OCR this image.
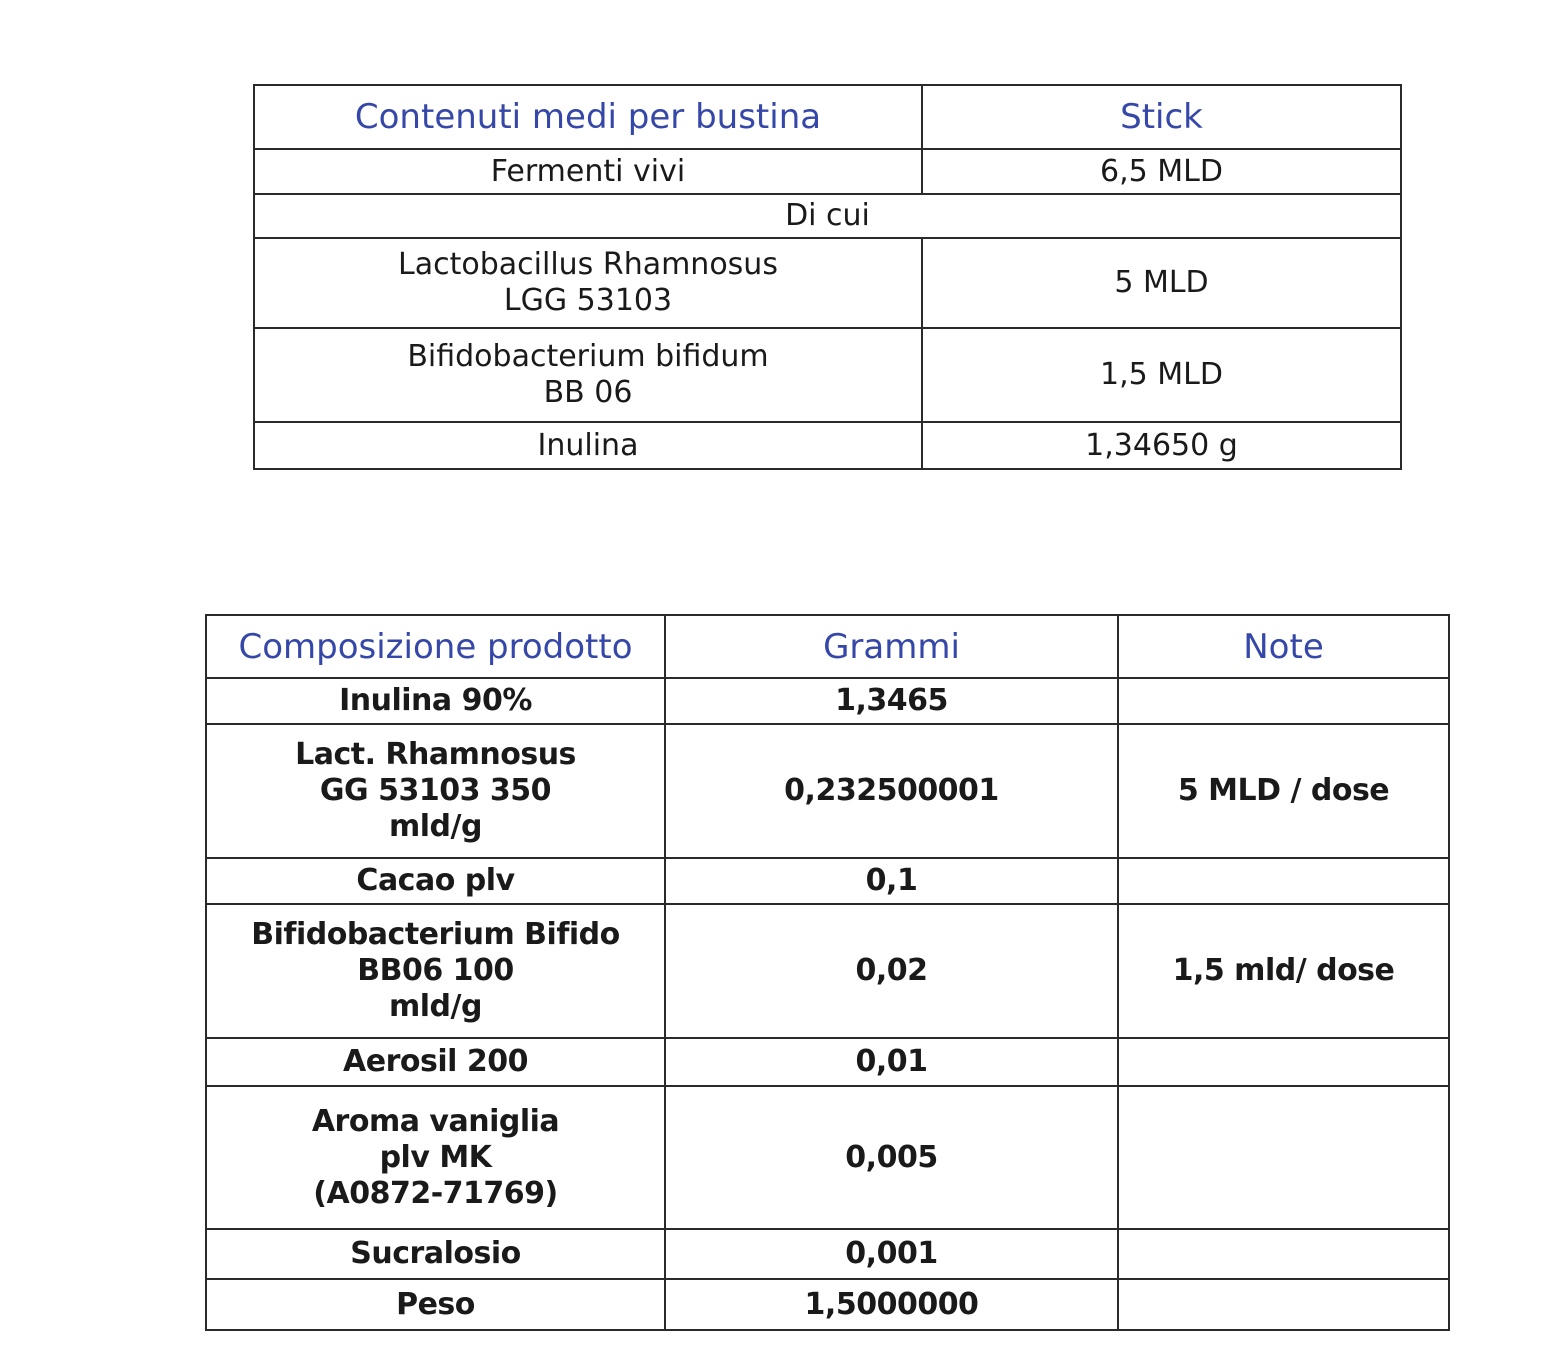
Contenuti medi per bustina	Stick
Fermenti vivi	6,5 MLD
Di cui	
Lactobacillus Rhamnosus
LGG 53103	5 MLD
Bifidobacterium bifidum
BB 06	1,5 MLD
Inulina	1,34650 g
Composizione prodotto	Grammi	Note
Inulina 90%	1,3465	
Lact. Rhamnosus
GG 53103 350
mld/g	0,232500001	5 MLD / dose
Cacao plv	0,1	
Bifidobacterium Bifido
BB06 100
mld/g	0,02	1,5 mld/ dose
Aerosil 200	0,01	
Aroma vaniglia
plv MK
(A0872-71769)	0,005	
Sucralosio	0,001	
Peso	1,5000000	
